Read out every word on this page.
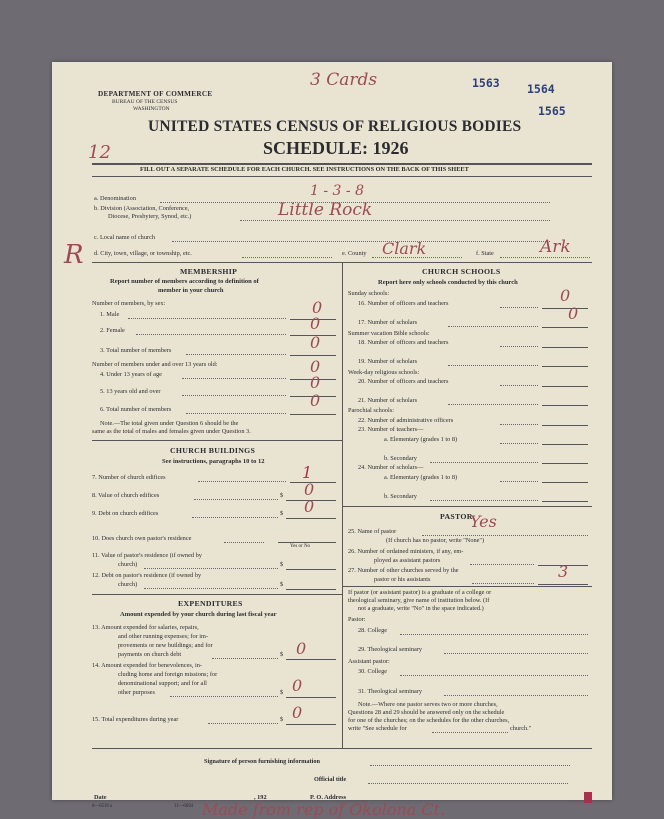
DEPARTMENT OF COMMERCE
BUREAU OF THE CENSUS
WASHINGTON
3 Cards	1563 1564
1565
UNITED STATES CENSUS OF RELIGIOUS BODIES
SCHEDULE: 1926
12
FILL OUT A SEPARATE SCHEDULE FOR EACH CHURCH. SEE INSTRUCTIONS ON THE BACK OF THIS SHEET
a. Denomination	1 - 3 - 8
b. Division (Association, Conference,
Diocese, Presbytery, Synod, etc.)	Little Rock
c. Local name of church
R d. City, town, village, or township, etc.	e. County Clark	f. State	Ark
MEMBERSHIP
Report number of members according to definition of
member in your church
Number of members, by sex:
1. Male	0
2. Female	0
3. Total number of members	0
Number of members under and over 13 years old:
4. Under 13 years of age	0
5. 13 years old and over	0
6. Total number of members	0
Note.—The total given under Question 6 should be the
same as the total of males and females given under Question 3.
CHURCH BUILDINGS
See instructions, paragraphs 10 to 12
7. Number of church edifices	1
8. Value of church edifices	$ 0
9. Debt on church edifices	$ 0
10. Does church own pastor's residence
Yes or No
11. Value of pastor's residence (if owned by
church)	$
12. Debt on pastor's residence (if owned by
church)	$
EXPENDITURES
Amount expended by your church during last fiscal year
13. Amount expended for salaries, repairs,
and other running expenses; for im-
provements or new buildings; and for
payments on church debt	$ 0
14. Amount expended for benevolences, in-
cluding home and foreign missions; for
denominational support; and for all
other purposes	$ 0
15. Total expenditures during year	$ 0
CHURCH SCHOOLS
Report here only schools conducted by this church
Sunday schools:
16. Number of officers and teachers	0
17. Number of scholars	0
Summer vacation Bible schools:
18. Number of officers and teachers
19. Number of scholars
Week-day religious schools:
20. Number of officers and teachers
21. Number of scholars
Parochial schools:
22. Number of administrative officers
23. Number of teachers—
a. Elementary (grades 1 to 8)
b. Secondary
24. Number of scholars—
a. Elementary (grades 1 to 8)
b. Secondary
PASTOR
25. Name of pastor
Yes
(If church has no pastor, write "None")
26. Number of ordained ministers, if any, em-
ployed as assistant pastors
27. Number of other churches served by the
pastor or his assistants	3
If pastor (or assistant pastor) is a graduate of a college or
theological seminary, give name of institution below. (If
not a graduate, write "No" in the space indicated.)
Pastor:
28. College
29. Theological seminary
Assistant pastor:
30. College
31. Theological seminary
Note.—Where one pastor serves two or more churches,
Questions 28 and 29 should be answered only on the schedule
for one of the churches; on the schedules for the other churches,
write "See schedule for	church."
Signature of person furnishing information
Official title
Date	, 192	P. O. Address
8—6518 a	11—6694 Made from rep of Okolona Ct.
